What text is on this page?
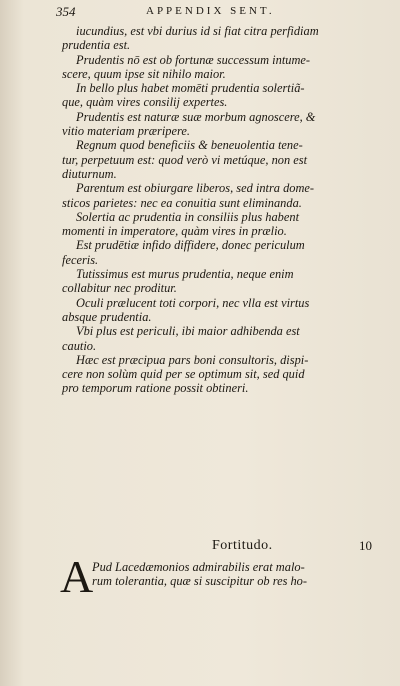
354	APPENDIX SENT.
iucundius, est vbi durius id si fiat citra perfidiam
prudentia est.
Prudentis nō est ob fortunæ successum intume-
scere, quum ipse sit nihilo maior.
In bello plus habet momēti prudentia solertiã-
que, quàm vires consilij expertes.
Prudentis est naturæ suæ morbum agnoscere, &
vitio materiam præripere.
Regnum quod beneficiis & beneuolentia tene-
tur, perpetuum est: quod verò vi metúque, non est
diuturnum.
Parentum est obiurgare liberos, sed intra dome-
sticos parietes: nec ea conuitia sunt eliminanda.
Solertia ac prudentia in consiliis plus habent
momenti in imperatore, quàm vires in prælio.
Est prudētiæ infido diffidere, donec periculum
feceris.
Tutissimus est murus prudentia, neque enim
collabitur nec proditur.
Oculi prælucent toti corpori, nec vlla est virtus
absque prudentia.
Vbi plus est periculi, ibi maior adhibenda est
cautio.
Hæc est præcipua pars boni consultoris, dispi-
cere non solùm quid per se optimum sit, sed quid
pro temporum ratione possit obtineri.
Fortitudo.	10
A
Pud Lacedæmonios admirabilis erat malo-
rum tolerantia, quæ si suscipitur ob res ho-
